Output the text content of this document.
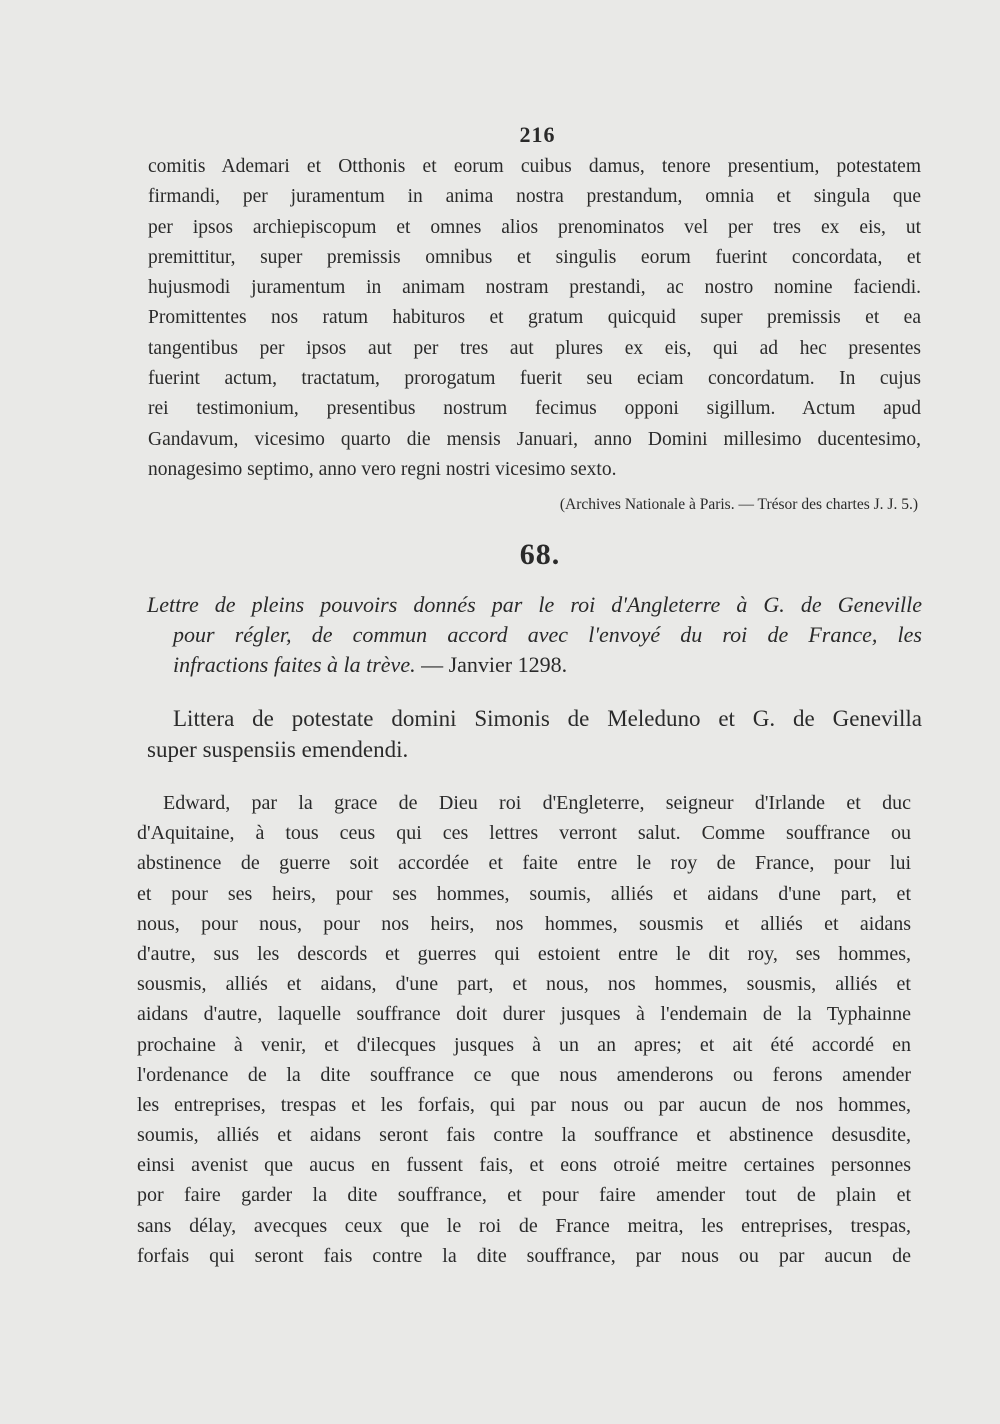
216
comitis Ademari et Otthonis et eorum cuibus damus, tenore presentium, potestatem
firmandi, per juramentum in anima nostra prestandum, omnia et singula que
per ipsos archiepiscopum et omnes alios prenominatos vel per tres ex eis, ut
premittitur, super premissis omnibus et singulis eorum fuerint concordata, et
hujusmodi juramentum in animam nostram prestandi, ac nostro nomine faciendi.
Promittentes nos ratum habituros et gratum quicquid super premissis et ea
tangentibus per ipsos aut per tres aut plures ex eis, qui ad hec presentes
fuerint actum, tractatum, prorogatum fuerit seu eciam concordatum. In cujus
rei testimonium, presentibus nostrum fecimus opponi sigillum. Actum apud
Gandavum, vicesimo quarto die mensis Januari, anno Domini millesimo ducentesimo,
nonagesimo septimo, anno vero regni nostri vicesimo sexto.
(Archives Nationale à Paris. — Trésor des chartes J. J. 5.)
68.
Lettre de pleins pouvoirs donnés par le roi d'Angleterre à G. de Geneville
pour régler, de commun accord avec l'envoyé du roi de France, les
infractions faites à la trève. — Janvier 1298.
Littera de potestate domini Simonis de Meleduno et G. de Genevilla
super suspensiis emendendi.
Edward, par la grace de Dieu roi d'Engleterre, seigneur d'Irlande et duc
d'Aquitaine, à tous ceus qui ces lettres verront salut. Comme souffrance ou
abstinence de guerre soit accordée et faite entre le roy de France, pour lui
et pour ses heirs, pour ses hommes, soumis, alliés et aidans d'une part, et
nous, pour nous, pour nos heirs, nos hommes, sousmis et alliés et aidans
d'autre, sus les descords et guerres qui estoient entre le dit roy, ses hommes,
sousmis, alliés et aidans, d'une part, et nous, nos hommes, sousmis, alliés et
aidans d'autre, laquelle souffrance doit durer jusques à l'endemain de la Typhainne
prochaine à venir, et d'ilecques jusques à un an apres; et ait été accordé en
l'ordenance de la dite souffrance ce que nous amenderons ou ferons amender
les entreprises, trespas et les forfais, qui par nous ou par aucun de nos hommes,
soumis, alliés et aidans seront fais contre la souffrance et abstinence desusdite,
einsi avenist que aucus en fussent fais, et eons otroié meitre certaines personnes
por faire garder la dite souffrance, et pour faire amender tout de plain et
sans délay, avecques ceux que le roi de France meitra, les entreprises, trespas,
forfais qui seront fais contre la dite souffrance, par nous ou par aucun de
